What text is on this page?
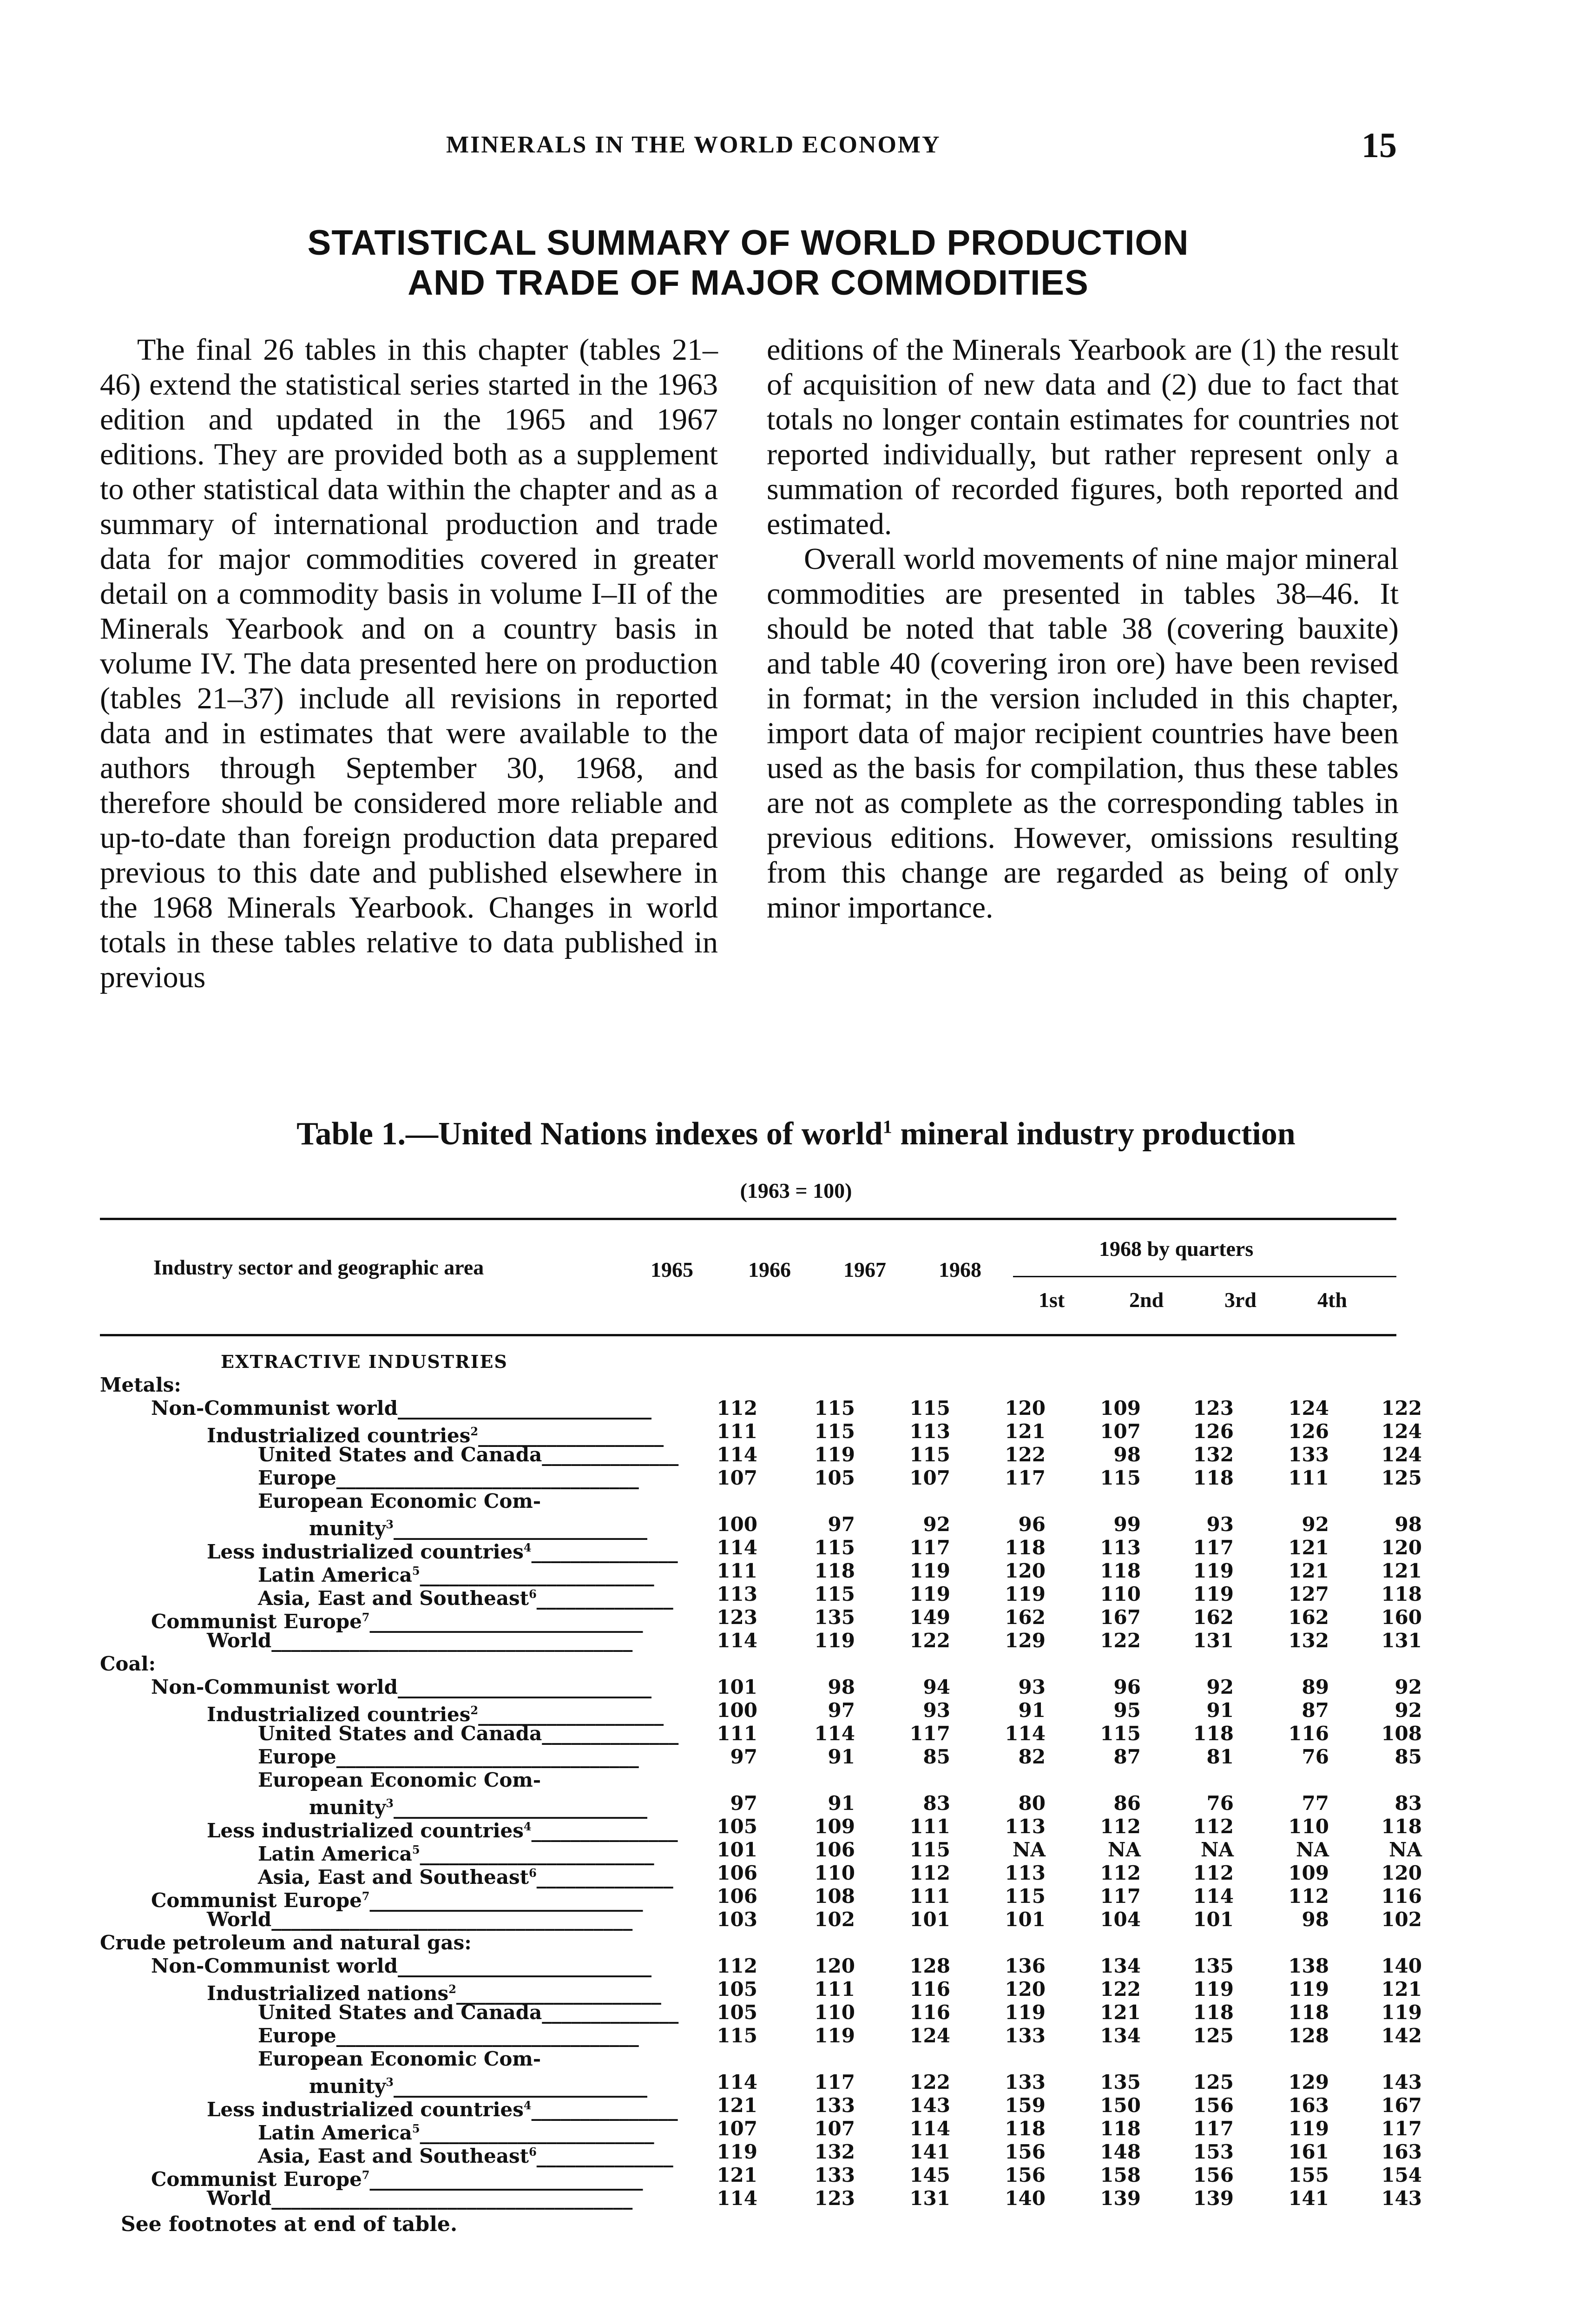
MINERALS IN THE WORLD ECONOMY	15
STATISTICAL SUMMARY OF WORLD PRODUCTION
AND TRADE OF MAJOR COMMODITIES

The final 26 tables in this chapter (tables 21–46) extend the statistical series started in the 1963 edition and updated in the 1965 and 1967 editions. They are provided both as a supplement to other statistical data within the chapter and as a summary of international production and trade data for major commodities covered in greater detail on a commodity basis in volume I–II of the Minerals Yearbook and on a country basis in volume IV. The data presented here on production (tables 21–37) include all revisions in reported data and in estimates that were available to the authors through September 30, 1968, and therefore should be considered more reliable and up-to-date than foreign production data prepared previous to this date and published elsewhere in the 1968 Minerals Yearbook. Changes in world totals in these tables relative to data published in previous

editions of the Minerals Yearbook are (1) the result of acquisition of new data and (2) due to fact that totals no longer contain estimates for countries not reported individually, but rather represent only a summation of recorded figures, both reported and estimated.

Overall world movements of nine major mineral commodities are presented in tables 38–46. It should be noted that table 38 (covering bauxite) and table 40 (covering iron ore) have been revised in format; in the version included in this chapter, import data of major recipient countries have been used as the basis for compilation, thus these tables are not as complete as the corresponding tables in previous editions. However, omissions resulting from this change are regarded as being of only minor importance.

Table 1.—United Nations indexes of world$^1$ mineral industry production
(1963 = 100)
Industry sector and geographic area	1965	1966 1967 1968
1968 by quarters
1st	2nd	3rd	4th
EXTRACTIVE INDUSTRIES
Metals:
Non-Communist world__________________________	112	115	115	120	109	123	124	122
Industrialized countries$^2$___________________	111	115	113	121	107	126	126	124
United States and Canada______________	114	119	115	122	98	132	133	124
Europe_______________________________	107	105	107	117	115	118	111	125
European Economic Com-
munity$^3$__________________________	100	97	92	96	99	93	92	98
Less industrialized countries$^4$_______________	114	115	117	118	113	117	121	120
Latin America$^5$________________________	111	118	119	120	118	119	121	121
Asia, East and Southeast$^6$______________	113	115	119	119	110	119	127	118
Communist Europe$^7$____________________________	123	135	149	162	167	162	162	160
World_____________________________________	114	119	122	129	122	131	132	131
Coal:
Non-Communist world__________________________	101	98	94	93	96	92	89	92
Industrialized countries$^2$___________________	100	97	93	91	95	91	87	92
United States and Canada______________	111	114	117	114	115	118	116	108
Europe_______________________________	97	91	85	82	87	81	76	85
European Economic Com-
munity$^3$__________________________	97	91	83	80	86	76	77	83
Less industrialized countries$^4$_______________	105	109	111	113	112	112	110	118
Latin America$^5$________________________	101	106	115	NA	NA	NA	NA	NA
Asia, East and Southeast$^6$______________	106	110	112	113	112	112	109	120
Communist Europe$^7$____________________________	106	108	111	115	117	114	112	116
World_____________________________________	103	102	101	101	104	101	98	102
Crude petroleum and natural gas:
Non-Communist world__________________________	112	120	128	136	134	135	138	140
Industrialized nations$^2$_____________________	105	111	116	120	122	119	119	121
United States and Canada______________	105	110	116	119	121	118	118	119
Europe_______________________________	115	119	124	133	134	125	128	142
European Economic Com-
munity$^3$__________________________	114	117	122	133	135	125	129	143
Less industrialized countries$^4$_______________	121	133	143	159	150	156	163	167
Latin America$^5$________________________	107	107	114	118	118	117	119	117
Asia, East and Southeast$^6$______________	119	132	141	156	148	153	161	163
Communist Europe$^7$____________________________	121	133	145	156	158	156	155	154
World_____________________________________	114	123	131	140	139	139	141	143
See footnotes at end of table.
